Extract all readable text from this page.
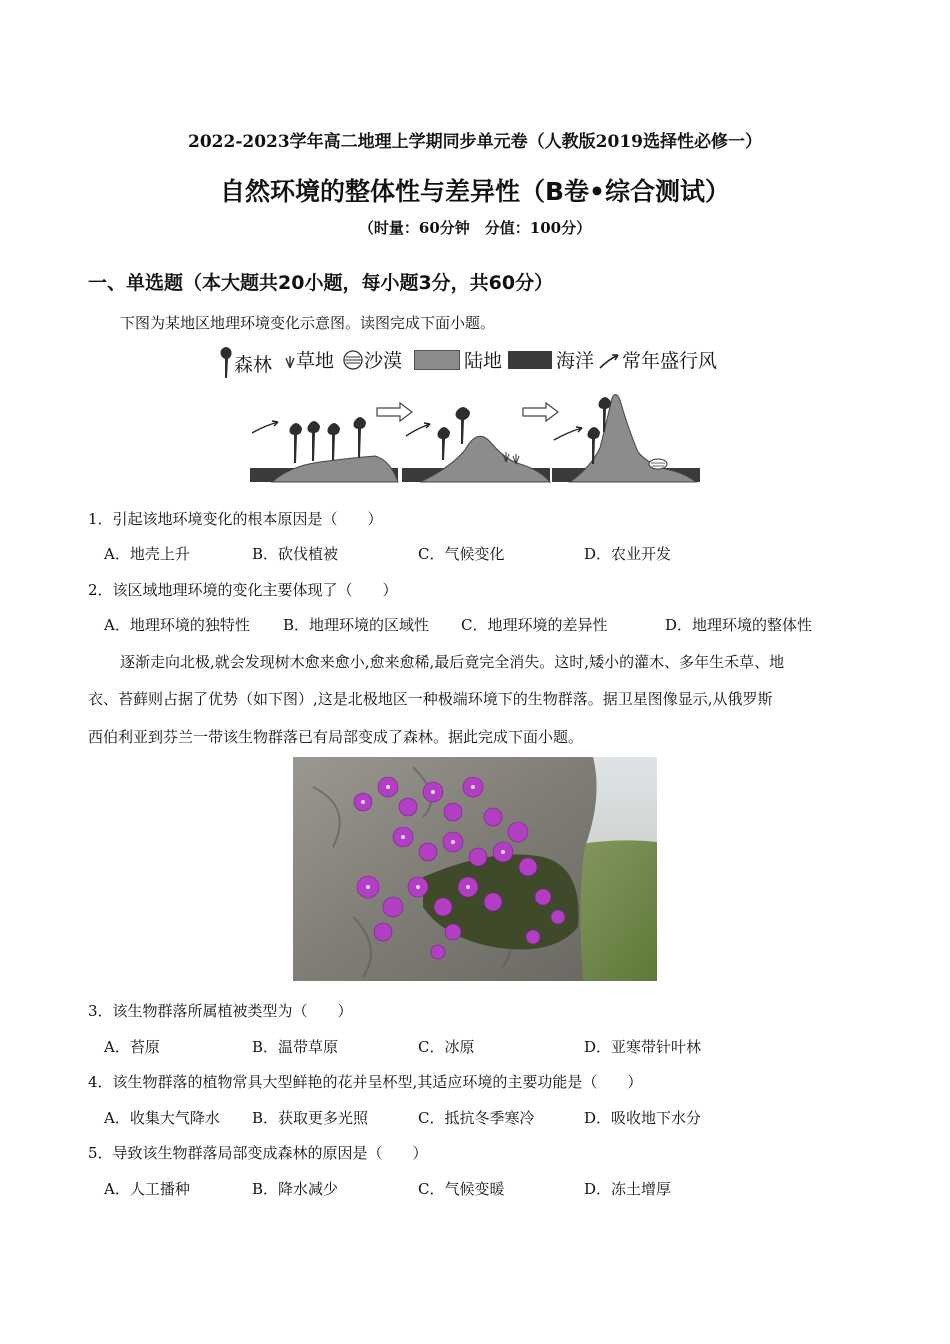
2022-2023学年高二地理上学期同步单元卷（人教版2019选择性必修一）
自然环境的整体性与差异性（B卷•综合测试）
（时量：60分钟　分值：100分）
一、单选题（本大题共20小题，每小题3分，共60分）
下图为某地区地理环境变化示意图。读图完成下面小题。
森林 草地 沙漠	陆地	海洋 常年盛行风
1．引起该地环境变化的根本原因是（　　）
A．地壳上升	B．砍伐植被	C．气候变化	D．农业开发
2．该区域地理环境的变化主要体现了（　　）
A．地理环境的独特性 B．地理环境的区域性 C．地理环境的差异性	D．地理环境的整体性
逐渐走向北极,就会发现树木愈来愈小,愈来愈稀,最后竟完全消失。这时,矮小的灌木、多年生禾草、地
衣、苔藓则占据了优势（如下图）,这是北极地区一种极端环境下的生物群落。据卫星图像显示,从俄罗斯
西伯利亚到芬兰一带该生物群落已有局部变成了森林。据此完成下面小题。
3．该生物群落所属植被类型为（　　）
A．苔原	B．温带草原	C．冰原	D．亚寒带针叶林
4．该生物群落的植物常具大型鲜艳的花并呈杯型,其适应环境的主要功能是（　　）
A．收集大气降水 B．获取更多光照	C．抵抗冬季寒冷	D．吸收地下水分
5．导致该生物群落局部变成森林的原因是（　　）
A．人工播种	B．降水减少	C．气候变暖	D．冻土增厚
